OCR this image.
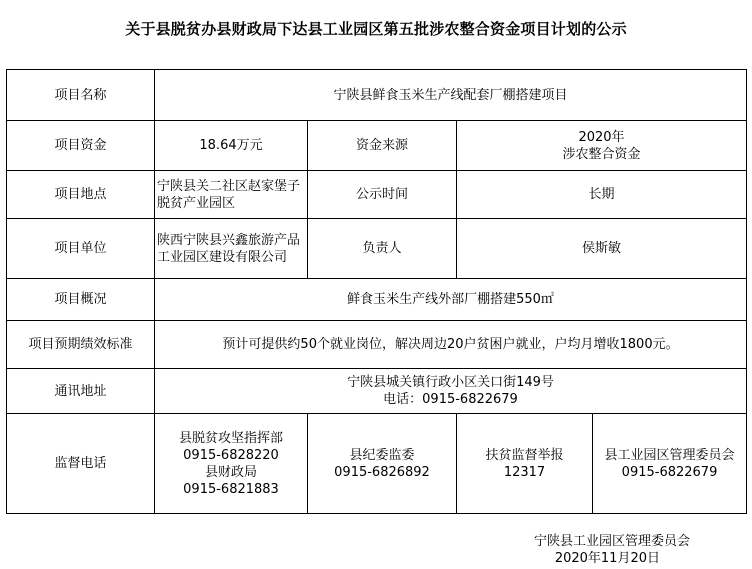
关于县脱贫办县财政局下达县工业园区第五批涉农整合资金项目计划的公示
项目名称	宁陕县鲜食玉米生产线配套厂棚搭建项目			
项目资金	18.64万元	资金来源	2020年
涉农整合资金	

项目地点	宁陕县关二社区赵家堡子脱贫产业园区	公示时间	长期	
项目单位	陕西宁陕县兴鑫旅游产品工业园区建设有限公司	负责人	侯斯敏	
项目概况	鲜食玉米生产线外部厂棚搭建550㎡			
项目预期绩效标准	预计可提供约50个就业岗位，解决周边20户贫困户就业，户均月增收1800元。			
通讯地址	宁陕县城关镇行政小区关口街149号
电话：0915-6822679			

监督电话	县脱贫攻坚指挥部
0915-6828220
县财政局
0915-6821883	县纪委监委
0915-6826892	扶贫监督举报
12317	县工业园区管理委员会
0915-6822679
宁陕县工业园区管理委员会
2020年11月20日
